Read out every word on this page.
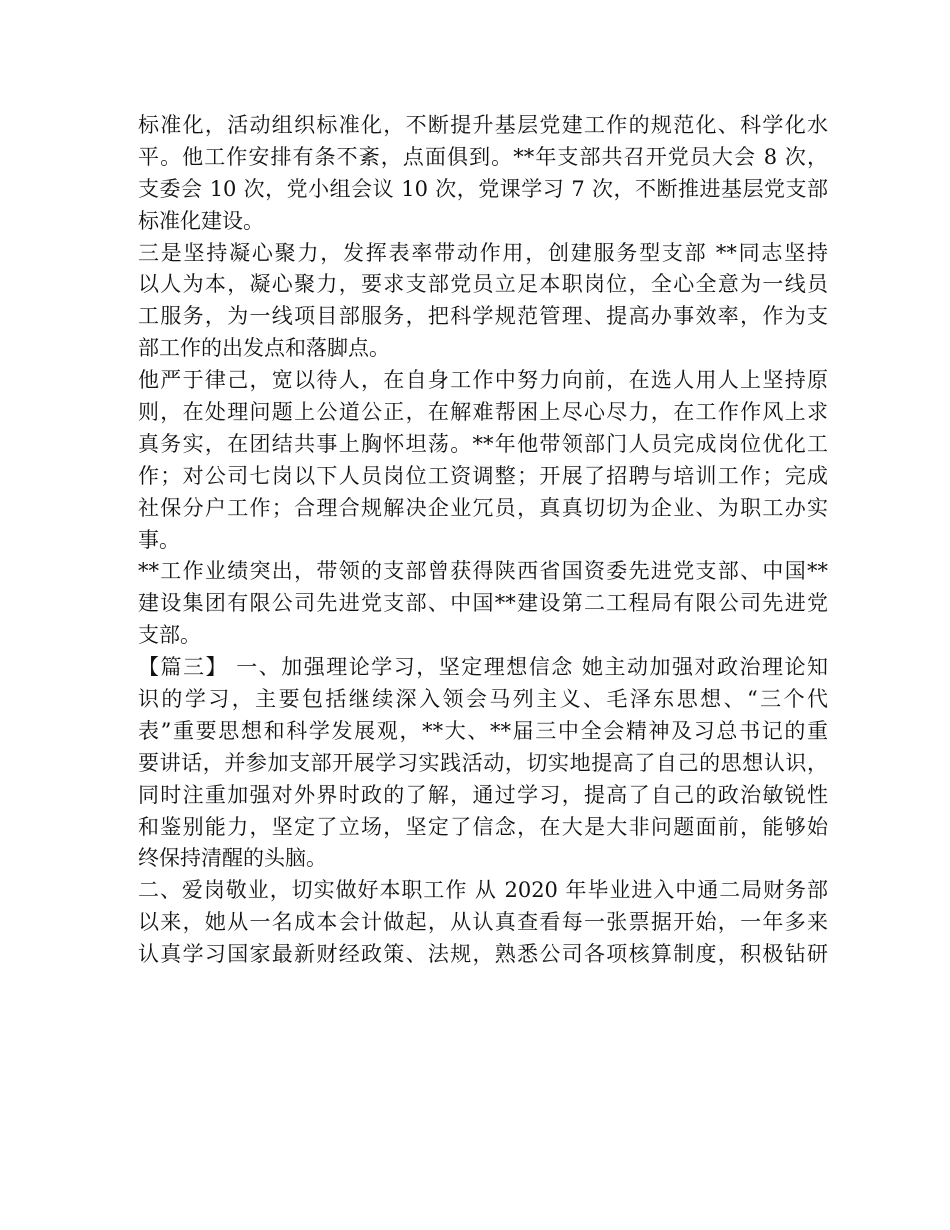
标准化，活动组织标准化，不断提升基层党建工作的规范化、科学化水
平。他工作安排有条不紊，点面俱到。**年支部共召开党员大会 8 次，
支委会 10 次，党小组会议 10 次，党课学习 7 次，不断推进基层党支部
标准化建设。
三是坚持凝心聚力，发挥表率带动作用，创建服务型支部 **同志坚持
以人为本，凝心聚力，要求支部党员立足本职岗位，全心全意为一线员
工服务，为一线项目部服务，把科学规范管理、提高办事效率，作为支
部工作的出发点和落脚点。
他严于律己，宽以待人，在自身工作中努力向前，在选人用人上坚持原
则，在处理问题上公道公正，在解难帮困上尽心尽力，在工作作风上求
真务实，在团结共事上胸怀坦荡。**年他带领部门人员完成岗位优化工
作；对公司七岗以下人员岗位工资调整；开展了招聘与培训工作；完成
社保分户工作；合理合规解决企业冗员，真真切切为企业、为职工办实
事。
**工作业绩突出，带领的支部曾获得陕西省国资委先进党支部、中国**
建设集团有限公司先进党支部、中国**建设第二工程局有限公司先进党
支部。
【篇三】 一、加强理论学习，坚定理想信念 她主动加强对政治理论知
识的学习，主要包括继续深入领会马列主义、毛泽东思想、“三个代
表”重要思想和科学发展观，**大、**届三中全会精神及习总书记的重
要讲话，并参加支部开展学习实践活动，切实地提高了自己的思想认识，
同时注重加强对外界时政的了解，通过学习，提高了自己的政治敏锐性
和鉴别能力，坚定了立场，坚定了信念，在大是大非问题面前，能够始
终保持清醒的头脑。
二、爱岗敬业，切实做好本职工作 从 2020 年毕业进入中通二局财务部
以来，她从一名成本会计做起，从认真查看每一张票据开始，一年多来
认真学习国家最新财经政策、法规，熟悉公司各项核算制度，积极钻研
